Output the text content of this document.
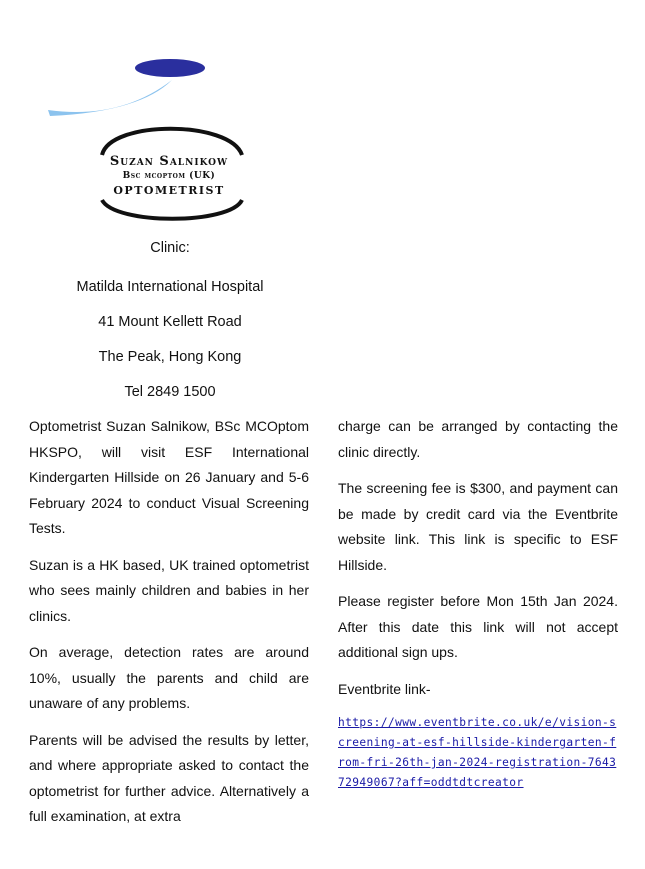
Suzan Salnikow
Bsc mcoptom (UK)
OPTOMETRIST
Clinic:
Matilda International Hospital
41 Mount Kellett Road
The Peak, Hong Kong
Tel 2849 1500

Optometrist Suzan Salnikow, BSc MCOptom HKSPO, will visit ESF International Kindergarten Hillside on 26 January and 5-6 February 2024 to conduct Visual Screening Tests.

Suzan is a HK based, UK trained optometrist who sees mainly children and babies in her clinics.

On average, detection rates are around 10%, usually the parents and child are unaware of any problems.

Parents will be advised the results by letter, and where appropriate asked to contact the optometrist for further advice. Alternatively a full examination, at extra

charge can be arranged by contacting the clinic directly.

The screening fee is $300, and payment can be made by credit card via the Eventbrite website link. This link is specific to ESF Hillside.

Please register before Mon 15th Jan 2024. After this date this link will not accept additional sign ups.

Eventbrite link-

https://www.eventbrite.co.uk/e/vision-screening-at-esf-hillside-kindergarten-from-fri-26th-jan-2024-registration-764372949067?aff=oddtdtcreator
